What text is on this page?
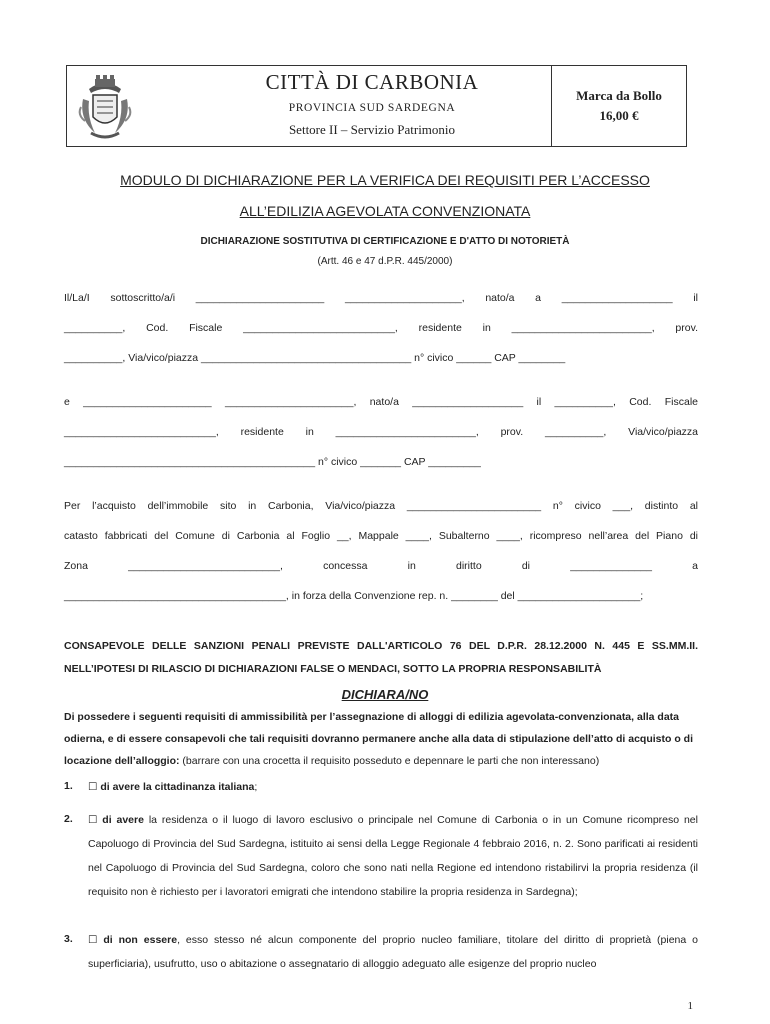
CITTÀ DI CARBONIA
PROVINCIA SUD SARDEGNA
Settore II – Servizio Patrimonio
Marca da Bollo
16,00 €
MODULO DI DICHIARAZIONE PER LA VERIFICA DEI REQUISITI PER L’ACCESSO
ALL’EDILIZIA AGEVOLATA CONVENZIONATA
DICHIARAZIONE SOSTITUTIVA DI CERTIFICAZIONE E D'ATTO DI NOTORIETÀ
(Artt. 46 e 47 d.P.R. 445/2000)
Il/La/I sottoscritto/a/i ______________________ ____________________, nato/a a ___________________ il
__________, Cod. Fiscale __________________________, residente in ________________________, prov.
__________, Via/vico/piazza ____________________________________ n° civico ______ CAP ________
e ______________________ ______________________, nato/a ___________________ il __________, Cod. Fiscale
__________________________, residente in ________________________, prov. __________, Via/vico/piazza
___________________________________________ n° civico _______ CAP _________
Per l’acquisto dell’immobile sito in Carbonia, Via/vico/piazza _______________________ n° civico ___, distinto al
catasto fabbricati del Comune di Carbonia al Foglio __, Mappale ____, Subalterno ____, ricompreso nell’area del Piano di
Zona __________________________, concessa in diritto di ______________ a
______________________________________, in forza della Convenzione rep. n. ________ del _____________________;
CONSAPEVOLE DELLE SANZIONI PENALI PREVISTE DALL'ARTICOLO 76 DEL D.P.R. 28.12.2000 N. 445 E SS.MM.II.
NELL’IPOTESI DI RILASCIO DI DICHIARAZIONI FALSE O MENDACI, SOTTO LA PROPRIA RESPONSABILITÀ
DICHIARA/NO
Di possedere i seguenti requisiti di ammissibilità per l’assegnazione di alloggi di edilizia agevolata-convenzionata, alla data odierna, e di essere consapevoli che tali requisiti dovranno permanere anche alla data di stipulazione dell’atto di acquisto o di locazione dell’alloggio: (barrare con una crocetta il requisito posseduto e depennare le parti che non interessano)
1. ☐ di avere la cittadinanza italiana;
2. ☐ di avere la residenza o il luogo di lavoro esclusivo o principale nel Comune di Carbonia o in un Comune ricompreso nel Capoluogo di Provincia del Sud Sardegna, istituito ai sensi della Legge Regionale 4 febbraio 2016, n. 2. Sono parificati ai residenti nel Capoluogo di Provincia del Sud Sardegna, coloro che sono nati nella Regione ed intendono ristabilirvi la propria residenza (il requisito non è richiesto per i lavoratori emigrati che intendono stabilire la propria residenza in Sardegna);
3. ☐ di non essere, esso stesso né alcun componente del proprio nucleo familiare, titolare del diritto di proprietà (piena o superficiaria), usufrutto, uso o abitazione o assegnatario di alloggio adeguato alle esigenze del proprio nucleo
1
